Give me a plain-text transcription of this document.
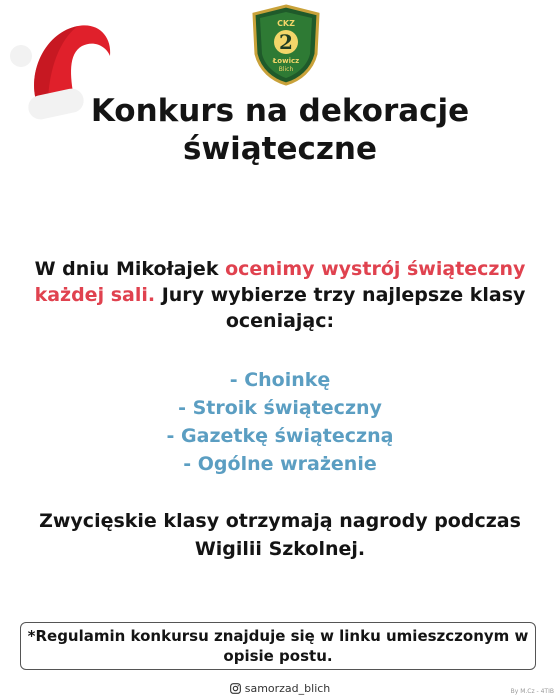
CKZ
2
Łowicz
Blich
Konkurs na dekoracje
świąteczne
W dniu Mikołajek ocenimy wystrój świąteczny każdej sali. Jury wybierze trzy najlepsze klasy oceniając:
- Choinkę
- Stroik świąteczny
- Gazetkę świąteczną
- Ogólne wrażenie
Zwycięskie klasy otrzymają nagrody podczas Wigilii Szkolnej.
*Regulamin konkursu znajduje się w linku umieszczonym w opisie postu.
samorzad_blich	By M.Cz - 4TIB
